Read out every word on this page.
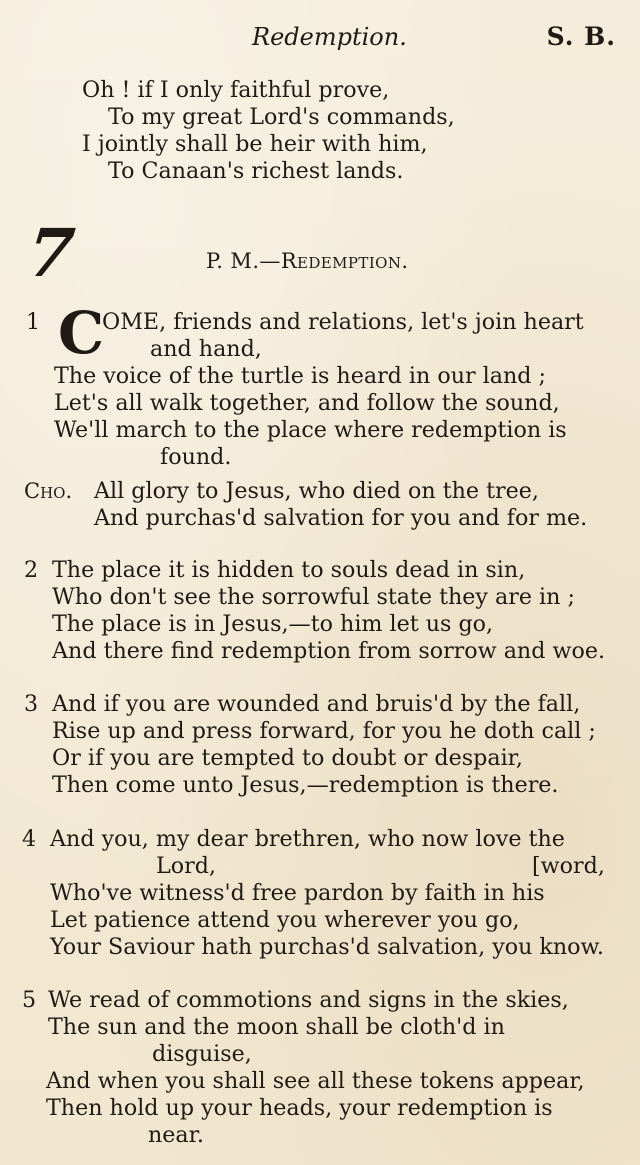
Redemption.	S. B.
Oh ! if I only faithful prove,
To my great Lord's commands,
I jointly shall be heir with him,
To Canaan's richest lands.
7	P. M.—Redemption.
1 C
OME, friends and relations, let's join heart
and hand,
The voice of the turtle is heard in our land ;
Let's all walk together, and follow the sound,
We'll march to the place where redemption is
found.
Cho. All glory to Jesus, who died on the tree,
And purchas'd salvation for you and for me.
2 The place it is hidden to souls dead in sin,
Who don't see the sorrowful state they are in ;
The place is in Jesus,—to him let us go,
And there find redemption from sorrow and woe.
3 And if you are wounded and bruis'd by the fall,
Rise up and press forward, for you he doth call ;
Or if you are tempted to doubt or despair,
Then come unto Jesus,—redemption is there.
4 And you, my dear brethren, who now love the
Lord,	[word,
Who've witness'd free pardon by faith in his
Let patience attend you wherever you go,
Your Saviour hath purchas'd salvation, you know.
5 We read of commotions and signs in the skies,
The sun and the moon shall be cloth'd in
disguise,
And when you shall see all these tokens appear,
Then hold up your heads, your redemption is
near.
